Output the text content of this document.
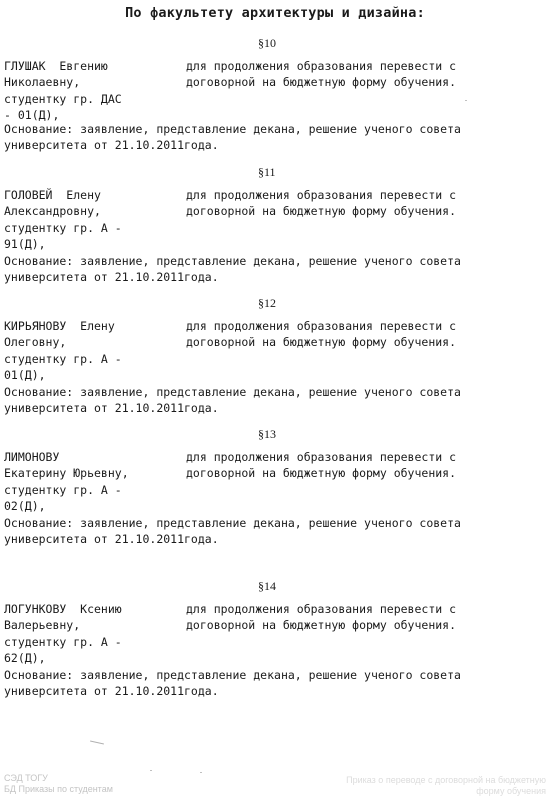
По факультету архитектуры и дизайна:
§10
ГЛУШАК  Евгению
Николаевну,
студентку гр. ДАС
- 01(Д),
для продолжения образования перевести с
договорной на бюджетную форму обучения.
Основание: заявление, представление декана, решение ученого совета
университета от 21.10.2011года.
§11
ГОЛОВЕЙ  Елену
Александровну,
студентку гр. А -
91(Д),
для продолжения образования перевести с
договорной на бюджетную форму обучения.
Основание: заявление, представление декана, решение ученого совета
университета от 21.10.2011года.
§12
КИРЬЯНОВУ  Елену
Олеговну,
студентку гр. А -
01(Д),
для продолжения образования перевести с
договорной на бюджетную форму обучения.
Основание: заявление, представление декана, решение ученого совета
университета от 21.10.2011года.
§13
ЛИМОНОВУ
Екатерину Юрьевну,
студентку гр. А -
02(Д),
для продолжения образования перевести с
договорной на бюджетную форму обучения.
Основание: заявление, представление декана, решение ученого совета
университета от 21.10.2011года.
§14
ЛОГУНКОВУ  Ксению
Валерьевну,
студентку гр. А -
62(Д),
для продолжения образования перевести с
договорной на бюджетную форму обучения.
Основание: заявление, представление декана, решение ученого совета
университета от 21.10.2011года.
СЭД ТОГУ
БД Приказы по студентам
Приказ о переводе с договорной на бюджетную
форму обучения
